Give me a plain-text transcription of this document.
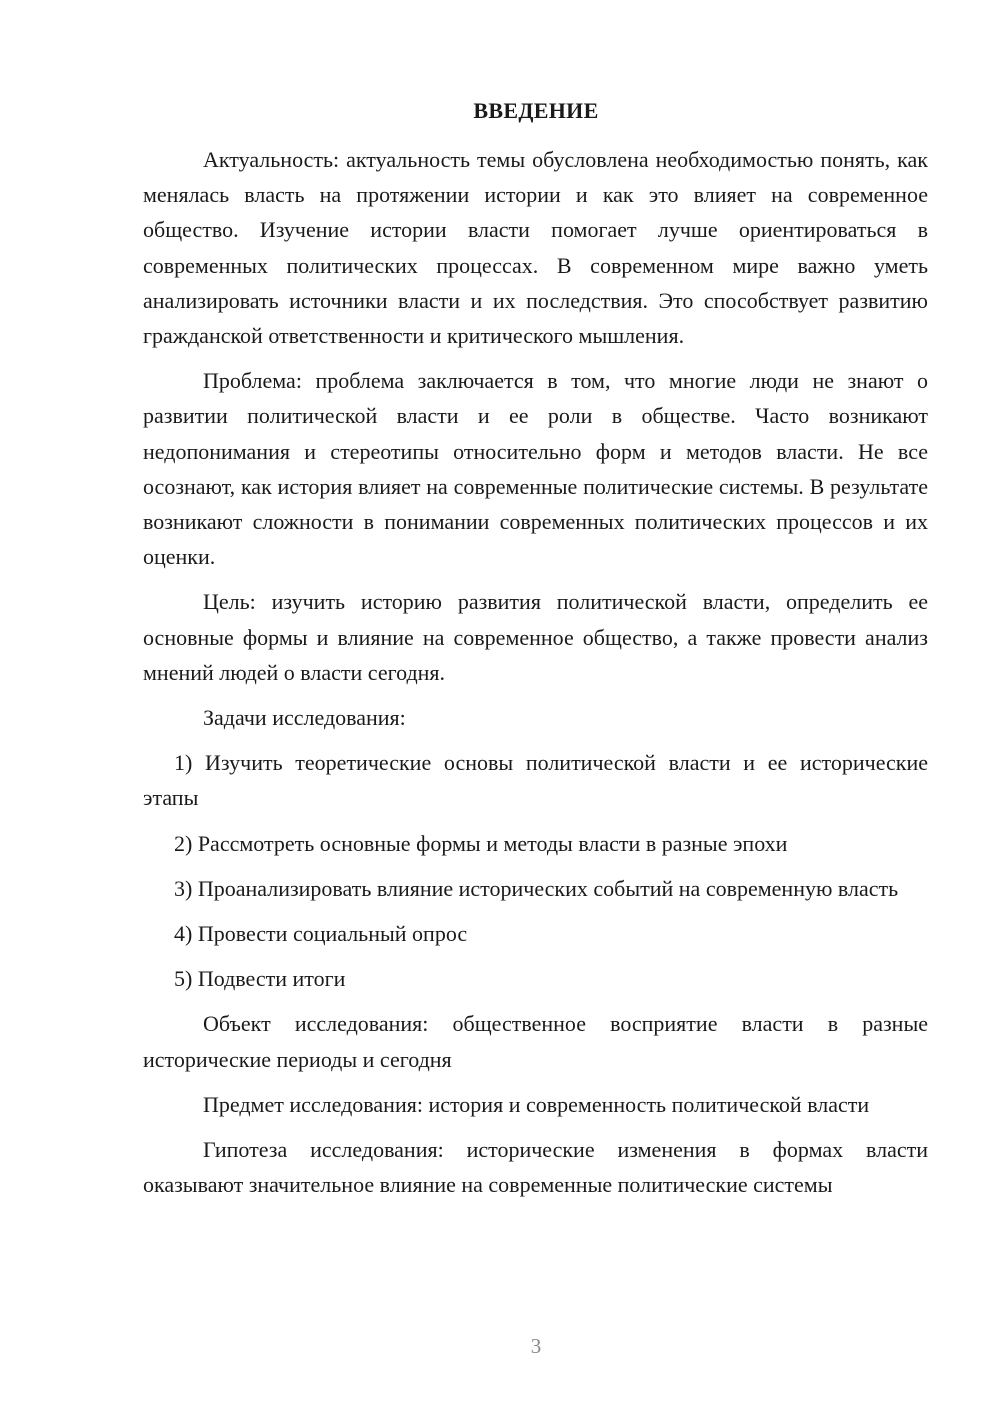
ВВЕДЕНИЕ

Актуальность: актуальность темы обусловлена необходимостью понять, как менялась власть на протяжении истории и как это влияет на современное общество. Изучение истории власти помогает лучше ориентироваться в современных политических процессах. В современном мире важно уметь анализировать источники власти и их последствия. Это способствует развитию гражданской ответственности и критического мышления.

Проблема: проблема заключается в том, что многие люди не знают о развитии политической власти и ее роли в обществе. Часто возникают недопонимания и стереотипы относительно форм и методов власти. Не все осознают, как история влияет на современные политические системы. В результате возникают сложности в понимании современных политических процессов и их оценки.

Цель: изучить историю развития политической власти, определить ее основные формы и влияние на современное общество, а также провести анализ мнений людей о власти сегодня.

Задачи исследования:

1) Изучить теоретические основы политической власти и ее исторические этапы

2) Рассмотреть основные формы и методы власти в разные эпохи

3) Проанализировать влияние исторических событий на современную власть

4) Провести социальный опрос

5) Подвести итоги

Объект исследования: общественное восприятие власти в разные исторические периоды и сегодня

Предмет исследования: история и современность политической власти

Гипотеза исследования: исторические изменения в формах власти оказывают значительное влияние на современные политические системы

3
